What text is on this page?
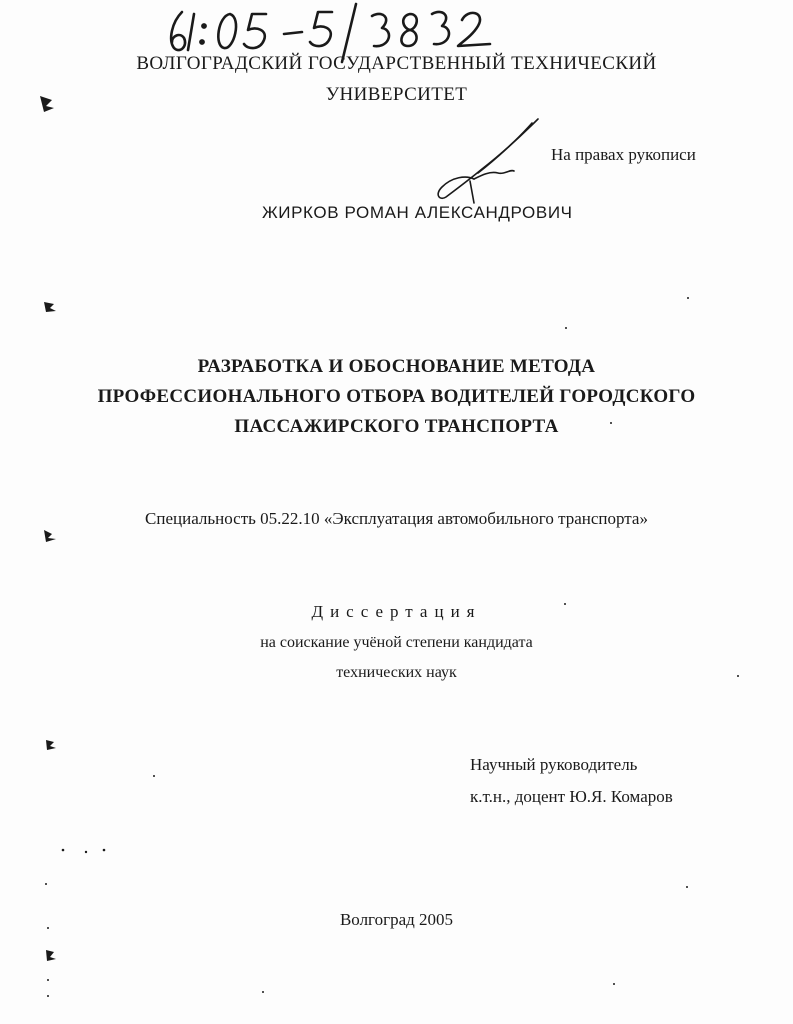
ВОЛГОГРАДСКИЙ ГОСУДАРСТВЕННЫЙ ТЕХНИЧЕСКИЙ
УНИВЕРСИТЕТ
На правах рукописи
ЖИРКОВ РОМАН АЛЕКСАНДРОВИЧ
РАЗРАБОТКА И ОБОСНОВАНИЕ МЕТОДА
ПРОФЕССИОНАЛЬНОГО ОТБОРА ВОДИТЕЛЕЙ ГОРОДСКОГО
ПАССАЖИРСКОГО ТРАНСПОРТА
Специальность 05.22.10 «Эксплуатация автомобильного транспорта»
Диссертация
на соискание учёной степени кандидата
технических наук
Научный руководитель
к.т.н., доцент Ю.Я. Комаров
Волгоград 2005
